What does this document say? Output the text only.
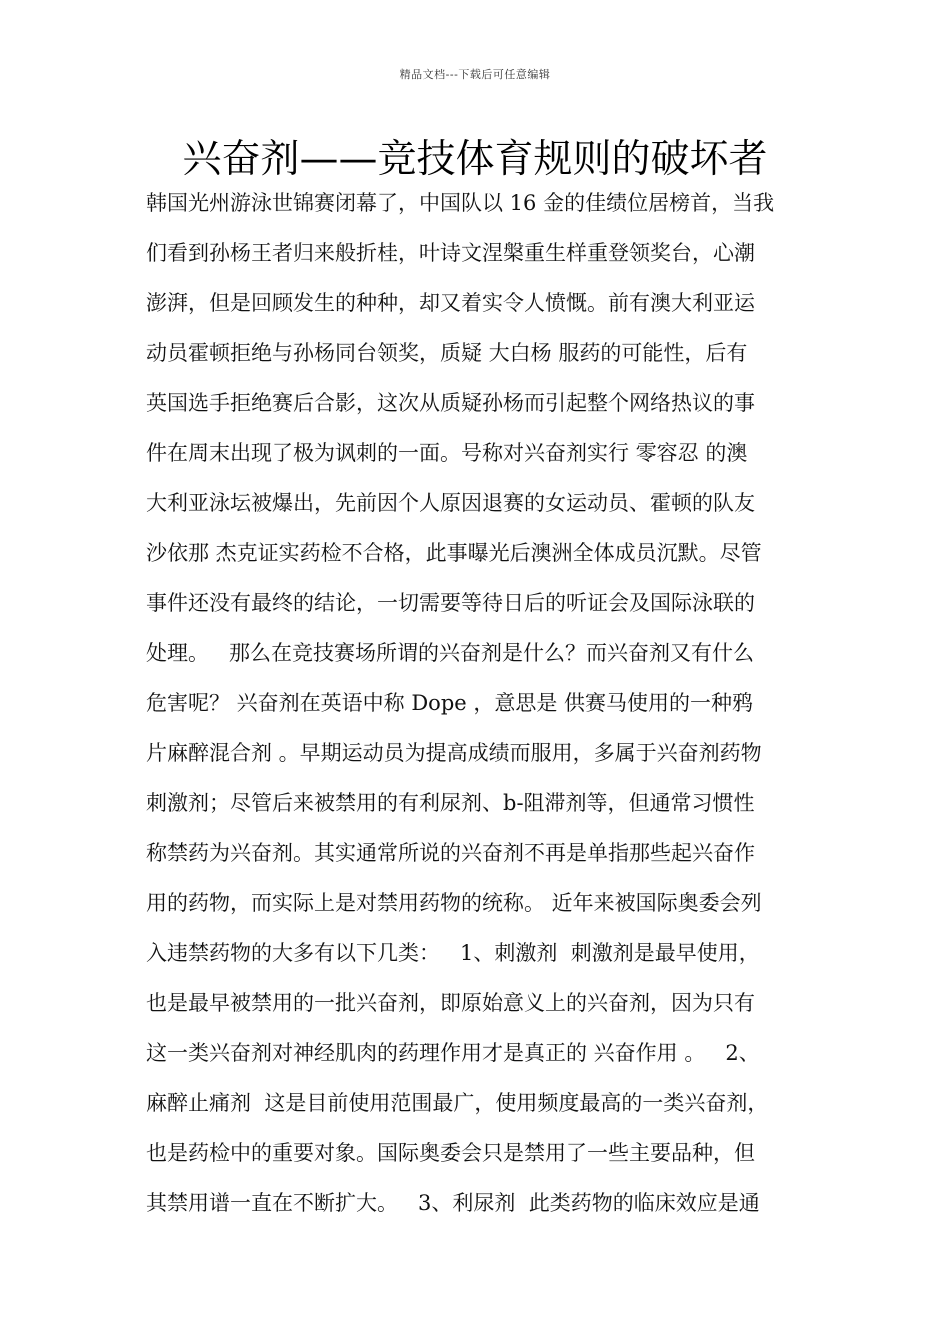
精品文档---下载后可任意编辑
兴奋剂——竞技体育规则的破坏者
韩国光州游泳世锦赛闭幕了，中国队以 16 金的佳绩位居榜首，当我
们看到孙杨王者归来般折桂，叶诗文涅槃重生样重登领奖台，心潮
澎湃，但是回顾发生的种种，却又着实令人愤慨。前有澳大利亚运
动员霍顿拒绝与孙杨同台领奖，质疑 大白杨 服药的可能性，后有
英国选手拒绝赛后合影，这次从质疑孙杨而引起整个网络热议的事
件在周末出现了极为讽刺的一面。号称对兴奋剂实行 零容忍 的澳
大利亚泳坛被爆出，先前因个人原因退赛的女运动员、霍顿的队友
沙依那 杰克证实药检不合格，此事曝光后澳洲全体成员沉默。尽管
事件还没有最终的结论，一切需要等待日后的听证会及国际泳联的
处理。   那么在竞技赛场所谓的兴奋剂是什么？而兴奋剂又有什么
危害呢？ 兴奋剂在英语中称 Dope ，意思是 供赛马使用的一种鸦
片麻醉混合剂 。早期运动员为提高成绩而服用，多属于兴奋剂药物
刺激剂；尽管后来被禁用的有利尿剂、b-阻滞剂等，但通常习惯性
称禁药为兴奋剂。其实通常所说的兴奋剂不再是单指那些起兴奋作
用的药物，而实际上是对禁用药物的统称。 近年来被国际奥委会列
入违禁药物的大多有以下几类：   1、刺激剂  刺激剂是最早使用，
也是最早被禁用的一批兴奋剂，即原始意义上的兴奋剂，因为只有
这一类兴奋剂对神经肌肉的药理作用才是真正的 兴奋作用 。   2、
麻醉止痛剂  这是目前使用范围最广，使用频度最高的一类兴奋剂，
也是药检中的重要对象。国际奥委会只是禁用了一些主要品种，但
其禁用谱一直在不断扩大。   3、利尿剂  此类药物的临床效应是通
